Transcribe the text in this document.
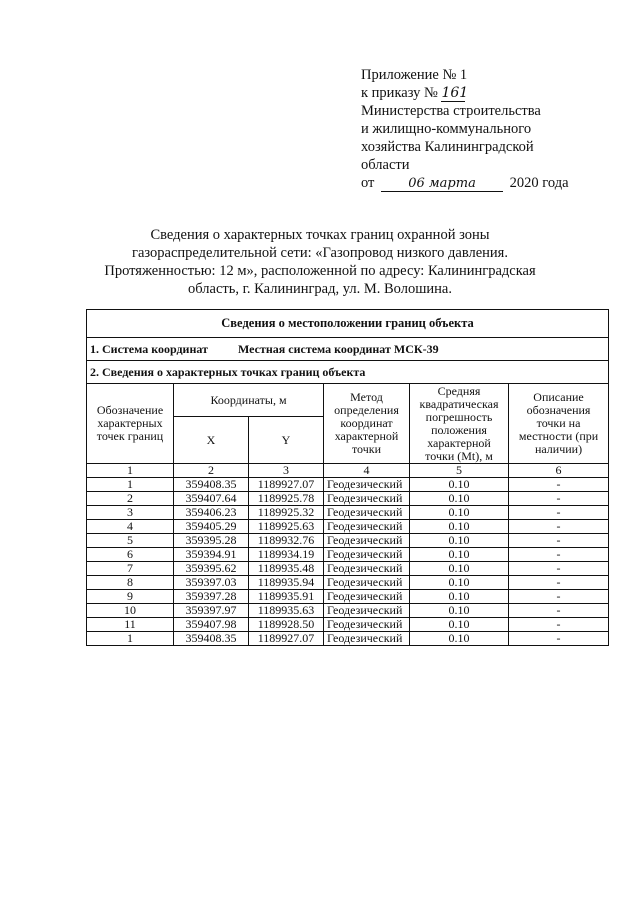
Приложение № 1
к приказу № 161
Министерства строительства
и жилищно-коммунального
хозяйства Калининградской
области
от	06 марта 2020 года
Сведения о характерных точках границ охранной зоны
газораспределительной сети: «Газопровод низкого давления.
Протяженностью: 12 м», расположенной по адресу: Калининградская
область, г. Калининград, ул. М. Волошина.
Сведения о местоположении границ объекта					
1. Система координат Местная система координат МСК-39					
2. Сведения о характерных точках границ объекта					
Обозначение характерных точек границ	Координаты, м		Метод определения координат характерной точки	Средняя квадратическая погрешность положения характерной точки (Mt), м	Описание обозначения точки на местности (при наличии)
	X	Y			
1	2	3	4	5	6
1	359408.35	1189927.07	Геодезический	0.10	-
2	359407.64	1189925.78	Геодезический	0.10	-
3	359406.23	1189925.32	Геодезический	0.10	-
4	359405.29	1189925.63	Геодезический	0.10	-
5	359395.28	1189932.76	Геодезический	0.10	-
6	359394.91	1189934.19	Геодезический	0.10	-
7	359395.62	1189935.48	Геодезический	0.10	-
8	359397.03	1189935.94	Геодезический	0.10	-
9	359397.28	1189935.91	Геодезический	0.10	-
10	359397.97	1189935.63	Геодезический	0.10	-
11	359407.98	1189928.50	Геодезический	0.10	-
1	359408.35	1189927.07	Геодезический	0.10	-
